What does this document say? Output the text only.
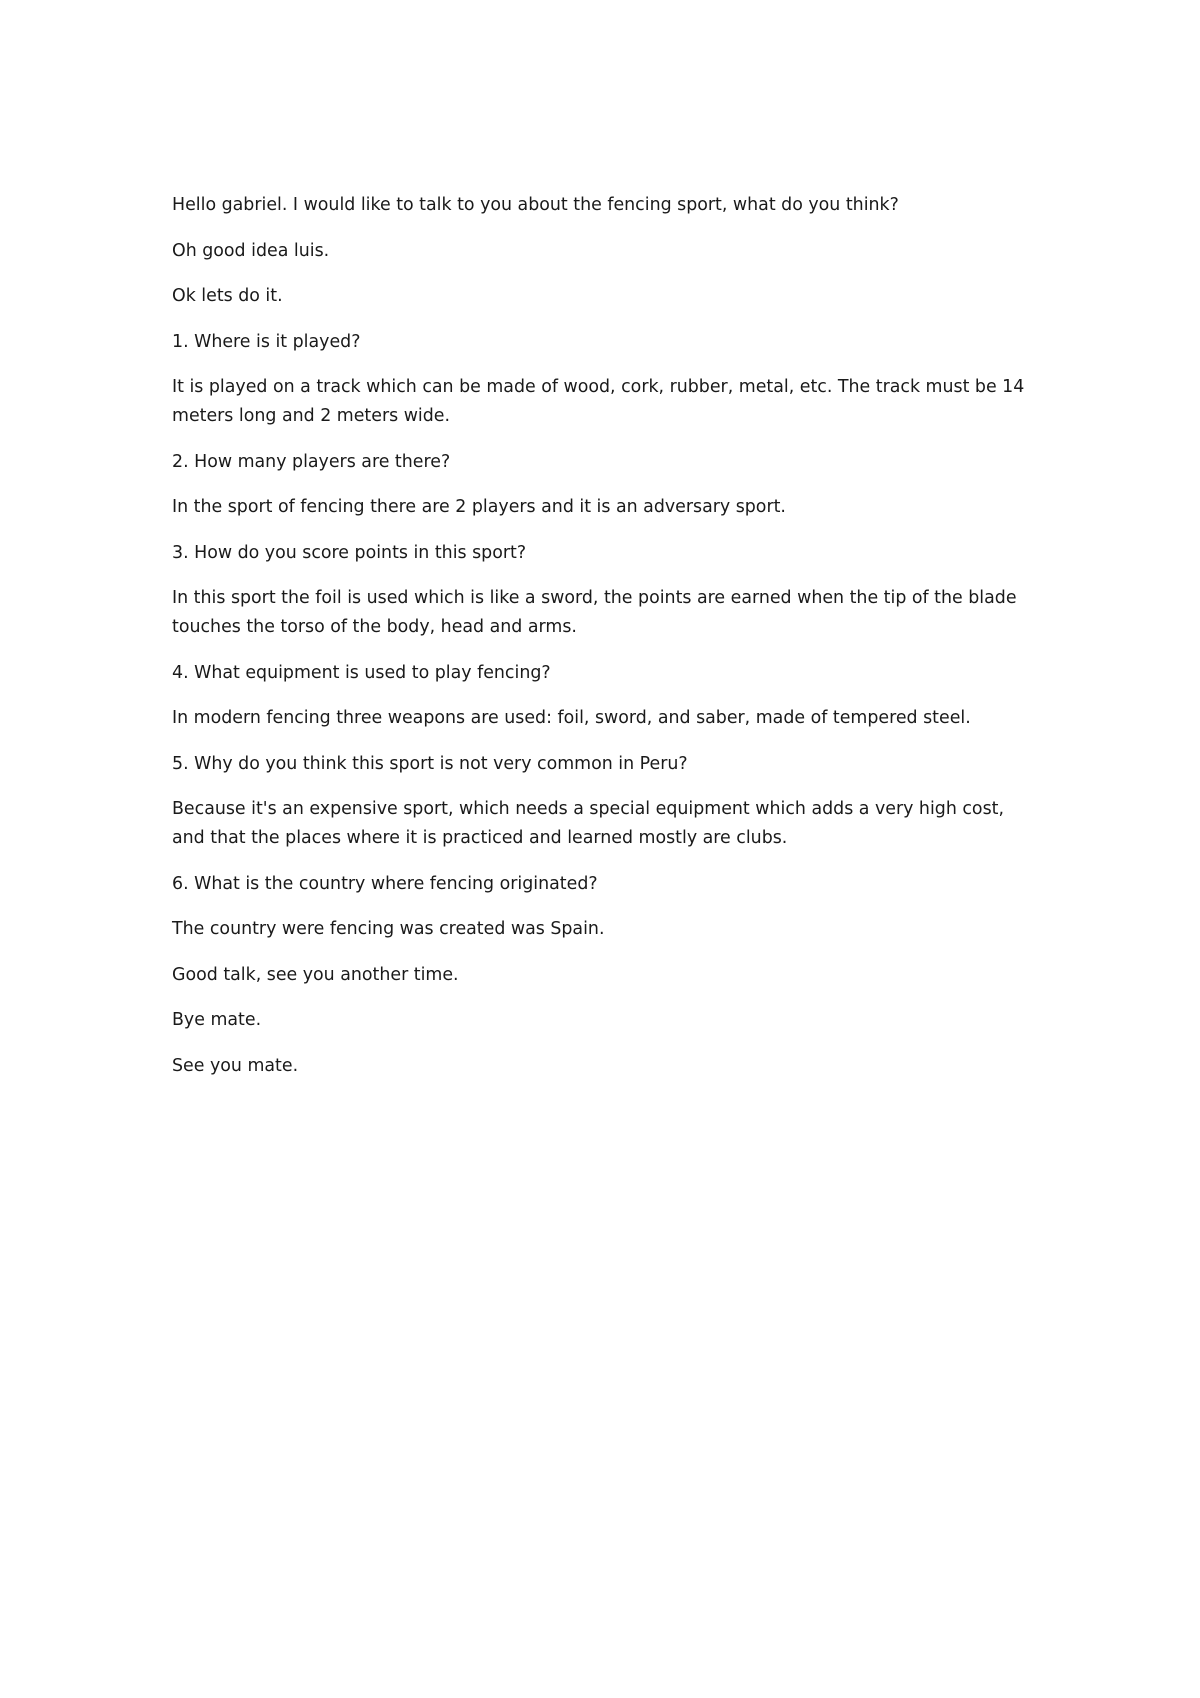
Hello gabriel. I would like to talk to you about the fencing sport, what do you think?

Oh good idea luis.

Ok lets do it.

1. Where is it played?

It is played on a track which can be made of wood, cork, rubber, metal, etc. The track must be 14 meters long and 2 meters wide.

2. How many players are there?

In the sport of fencing there are 2 players and it is an adversary sport.

3. How do you score points in this sport?

In this sport the foil is used which is like a sword, the points are earned when the tip of the blade touches the torso of the body, head and arms.

4. What equipment is used to play fencing?

In modern fencing three weapons are used: foil, sword, and saber, made of tempered steel.

5. Why do you think this sport is not very common in Peru?

Because it's an expensive sport, which needs a special equipment which adds a very high cost, and that the places where it is practiced and learned mostly are clubs.

6. What is the country where fencing originated?

The country were fencing was created was Spain.

Good talk, see you another time.

Bye mate.

See you mate.
